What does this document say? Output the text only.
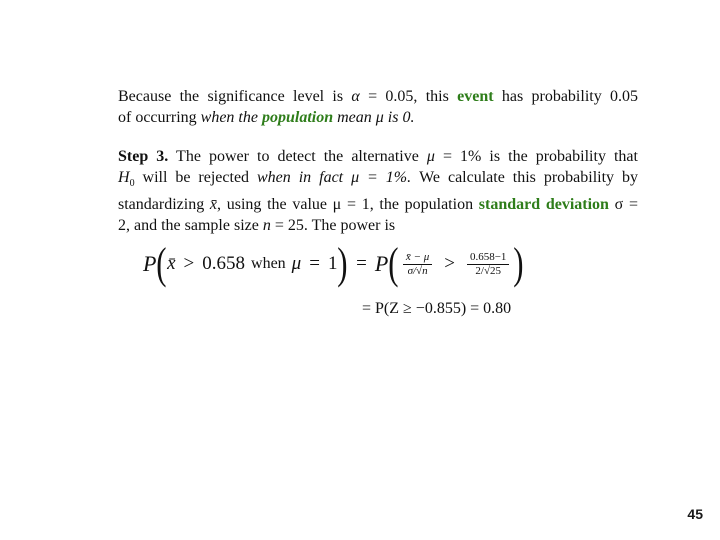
Because the significance level is α = 0.05, this event has probability 0.05
of occurring when the population mean μ is 0.
Step 3. The power to detect the alternative μ = 1% is the probability that
$H_0$ will be rejected when in fact μ = 1%. We calculate this probability by
standardizing x̄, using the value μ = 1, the population standard deviation σ =
2, and the sample size n = 25. The power is
P ( x̄ > 0.658 when μ = 1 ) = P ( $\frac{x̄ - \mu}{\sigma/√n} > \frac{0.658-1}{2/√25}$ )
= P(Z ≥ −0.855) = 0.80
45
